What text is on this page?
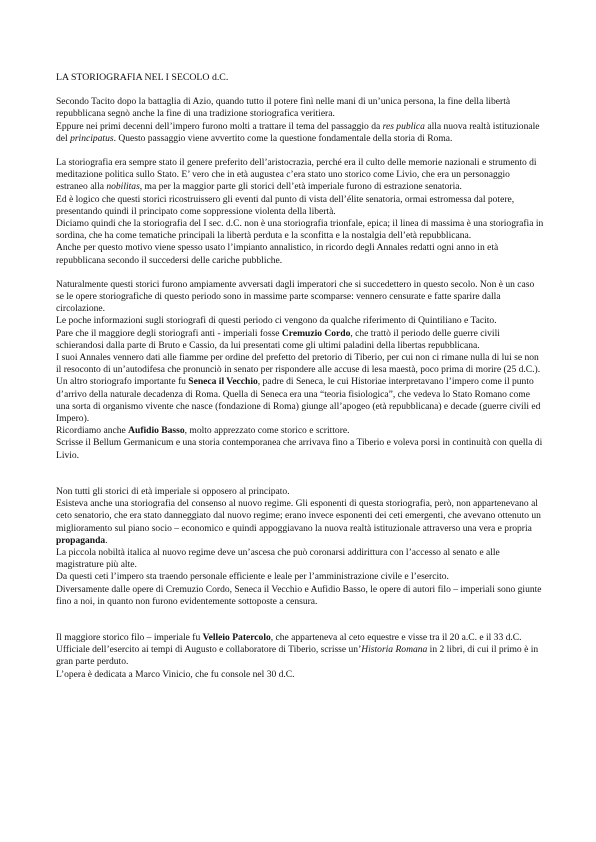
LA STORIOGRAFIA NEL I SECOLO d.C.

Secondo Tacito dopo la battaglia di Azio, quando tutto il potere finì nelle mani di un’unica persona, la fine della libertà repubblicana segnò anche la fine di una tradizione storiografica veritiera.

Eppure nei primi decenni dell’impero furono molti a trattare il tema del passaggio da res publica alla nuova realtà istituzionale del principatus. Questo passaggio viene avvertito come la questione fondamentale della storia di Roma.

La storiografia era sempre stato il genere preferito dell’aristocrazia, perché era il culto delle memorie nazionali e strumento di meditazione politica sullo Stato. E’ vero che in età augustea c’era stato uno storico come Livio, che era un personaggio estraneo alla nobilitas, ma per la maggior parte gli storici dell’età imperiale furono di estrazione senatoria.

Ed è logico che questi storici ricostruissero gli eventi dal punto di vista dell’élite senatoria, ormai estromessa dal potere, presentando quindi il principato come soppressione violenta della libertà.

Diciamo quindi che la storiografia del I sec. d.C. non è una storiografia trionfale, epica; il linea di massima è una storiografia in sordina, che ha come tematiche principali la libertà perduta e la sconfitta e la nostalgia dell’età repubblicana.

Anche per questo motivo viene spesso usato l’impianto annalistico, in ricordo degli Annales redatti ogni anno in età repubblicana secondo il succedersi delle cariche pubbliche.

Naturalmente questi storici furono ampiamente avversati dagli imperatori che si succedettero in questo secolo. Non è un caso se le opere storiografiche di questo periodo sono in massime parte scomparse: vennero censurate e fatte sparire dalla circolazione.

Le poche informazioni sugli storiografi di questi periodo ci vengono da qualche riferimento di Quintiliano e Tacito.

Pare che il maggiore degli storiografi anti - imperiali fosse Cremuzio Cordo, che trattò il periodo delle guerre civili schierandosi dalla parte di Bruto e Cassio, da lui presentati come gli ultimi paladini della libertas repubblicana.

I suoi Annales vennero dati alle fiamme per ordine del prefetto del pretorio di Tiberio, per cui non ci rimane nulla di lui se non il resoconto di un’autodifesa che pronunciò in senato per rispondere alle accuse di lesa maestà, poco prima di morire (25 d.C.).

Un altro storiografo importante fu Seneca il Vecchio, padre di Seneca, le cui Historiae interpretavano l’impero come il punto d’arrivo della naturale decadenza di Roma. Quella di Seneca era una “teoria fisiologica”, che vedeva lo Stato Romano come una sorta di organismo vivente che nasce (fondazione di Roma) giunge all’apogeo (età repubblicana) e decade (guerre civili ed Impero).

Ricordiamo anche Aufidio Basso, molto apprezzato come storico e scrittore.

Scrisse il Bellum Germanicum e una storia contemporanea che arrivava fino a Tiberio e voleva porsi in continuità con quella di Livio.

Non tutti gli storici di età imperiale si opposero al principato.

Esisteva anche una storiografia del consenso al nuovo regime. Gli esponenti di questa storiografia, però, non appartenevano al ceto senatorio, che era stato danneggiato dal nuovo regime; erano invece esponenti dei ceti emergenti, che avevano ottenuto un miglioramento sul piano socio – economico e quindi appoggiavano la nuova realtà istituzionale attraverso una vera e propria propaganda.

La piccola nobiltà italica al nuovo regime deve un’ascesa che può coronarsi addirittura con l’accesso al senato e alle magistrature più alte.

Da questi ceti l’impero sta traendo personale efficiente e leale per l’amministrazione civile e l’esercito.

Diversamente dalle opere di Cremuzio Cordo, Seneca il Vecchio e Aufidio Basso, le opere di autori filo – imperiali sono giunte fino a noi, in quanto non furono evidentemente sottoposte a censura.

Il maggiore storico filo – imperiale fu Velleio Patercolo, che apparteneva al ceto equestre e visse tra il 20 a.C. e il 33 d.C. Ufficiale dell’esercito ai tempi di Augusto e collaboratore di Tiberio, scrisse un’Historia Romana in 2 libri, di cui il primo è in gran parte perduto.

L’opera è dedicata a Marco Vinicio, che fu console nel 30 d.C.
